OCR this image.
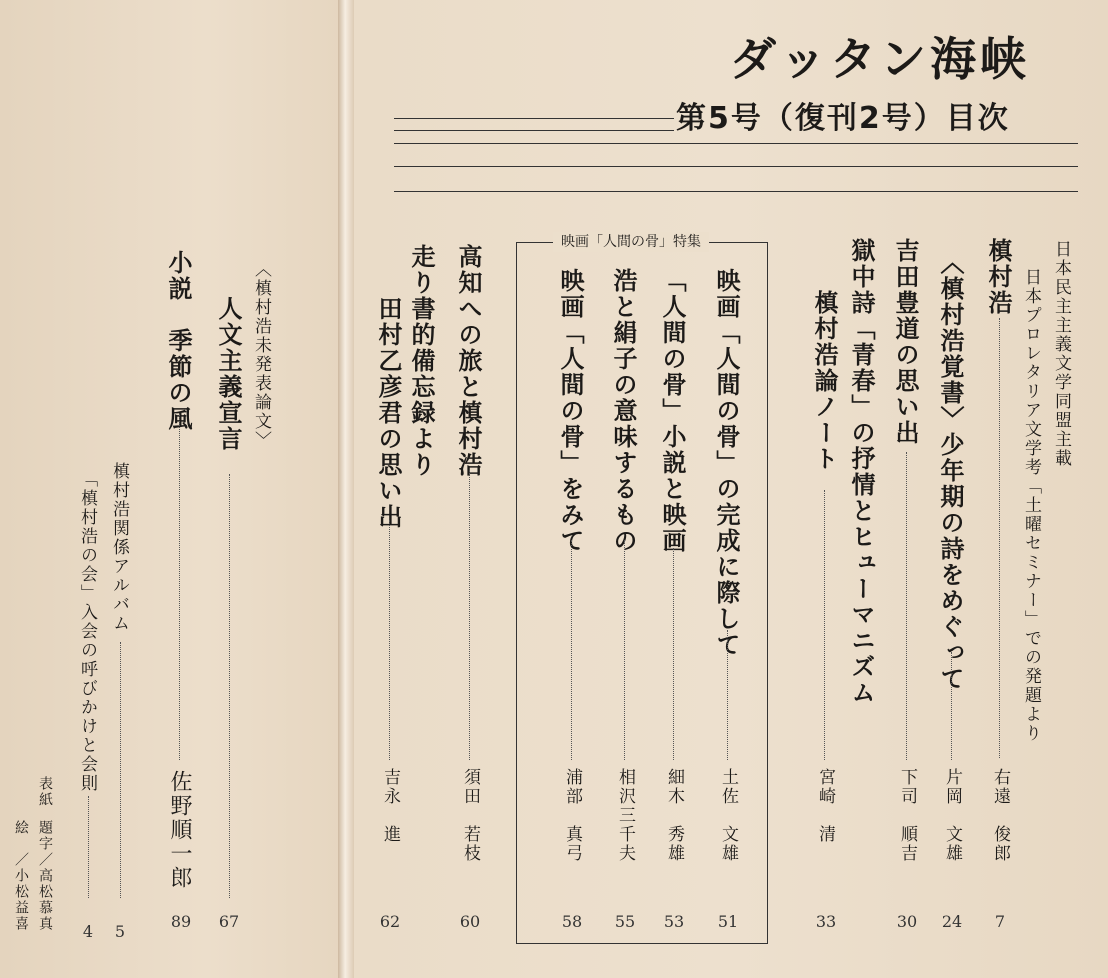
ダッタン海峡
第5号（復刊2号）目次
映画「人間の骨」特集	日本民主主義文学同盟主載
槙村浩 日本プロレタリア文学考「土曜セミナー」での発題より
右遠　俊郎
7
〈槙村浩覚書〉少年期の詩をめぐって
片岡　文雄
24
吉田豊道の思い出
下司　順吉
30
獄中詩「青春」の抒情とヒューマニズム
槙村浩論ノート
宮崎　清
33
映画「人間の骨」の完成に際して
土佐　文雄
51
「人間の骨」小説と映画
細木　秀雄
53
浩と絹子の意味するもの
相沢三千夫
55
映画「人間の骨」をみて
浦部　真弓
58
高知への旅と槙村浩
須田　若枝
60
走り書的備忘録より
田村乙彦君の思い出
吉永　進
62
〈槙村浩未発表論文〉
人文主義宣言
67
小説　季節の風
佐野順一郎
89
槙村浩関係アルバム
5
「槙村浩の会」入会の呼びかけと会則
4
表紙
題字／高松慕真
絵　／小松益喜
